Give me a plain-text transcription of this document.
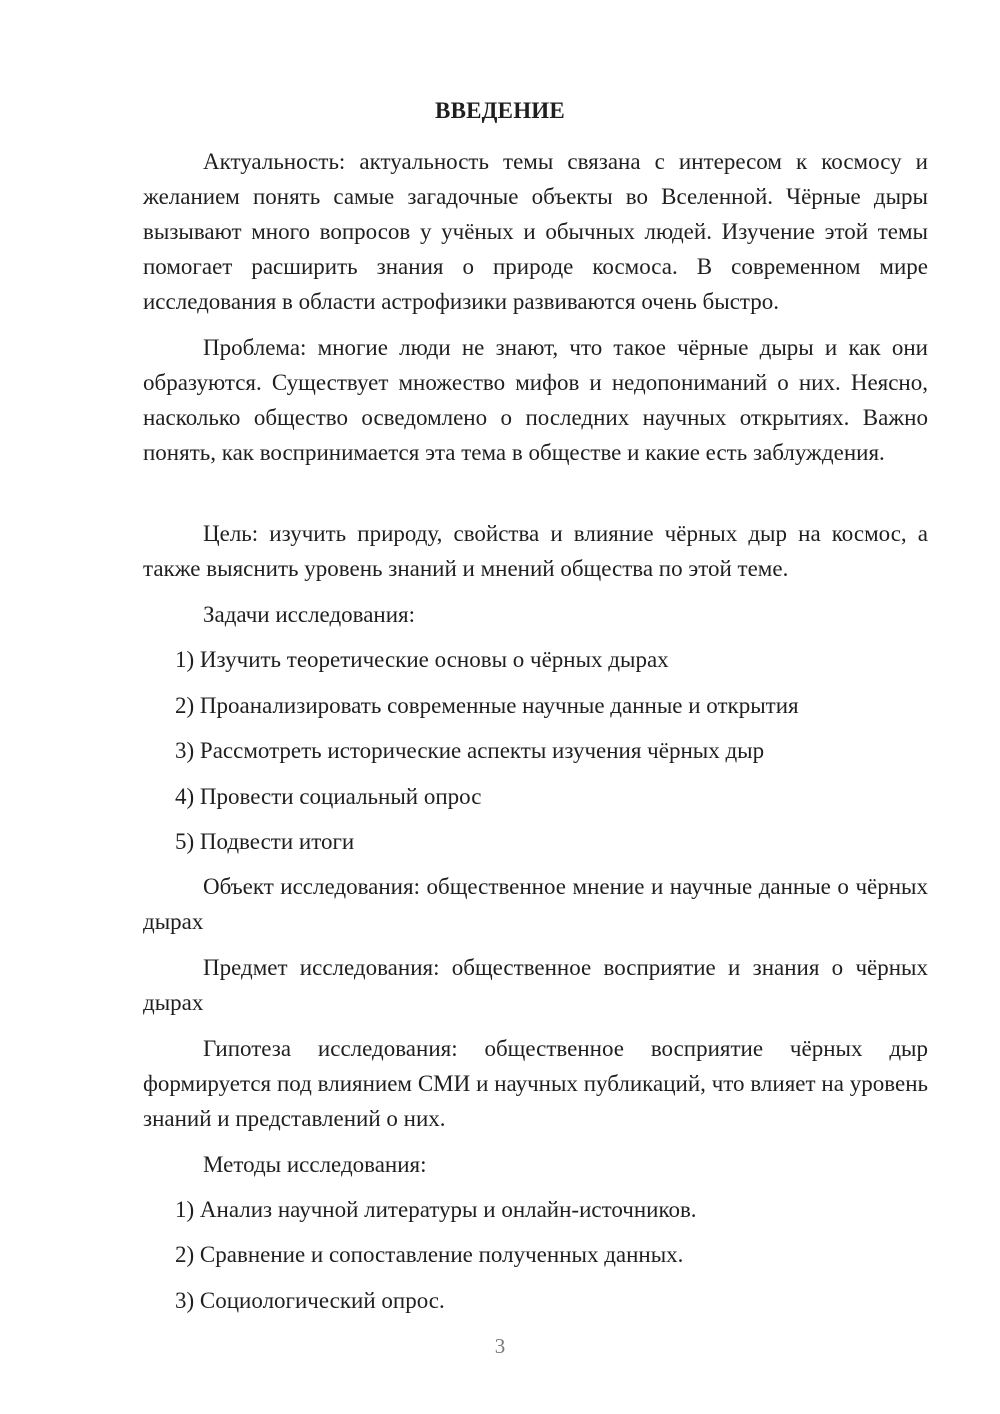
ВВЕДЕНИЕ

Актуальность: актуальность темы связана с интересом к космосу и желанием понять самые загадочные объекты во Вселенной. Чёрные дыры вызывают много вопросов у учёных и обычных людей. Изучение этой темы помогает расширить знания о природе космоса. В современном мире исследования в области астрофизики развиваются очень быстро.

Проблема: многие люди не знают, что такое чёрные дыры и как они образуются. Существует множество мифов и недопониманий о них. Неясно, насколько общество осведомлено о последних научных открытиях. Важно понять, как воспринимается эта тема в обществе и какие есть заблуждения.

Цель: изучить природу, свойства и влияние чёрных дыр на космос, а также выяснить уровень знаний и мнений общества по этой теме.

Задачи исследования:

1) Изучить теоретические основы о чёрных дырах

2) Проанализировать современные научные данные и открытия

3) Рассмотреть исторические аспекты изучения чёрных дыр

4) Провести социальный опрос

5) Подвести итоги

Объект исследования: общественное мнение и научные данные о чёрных дырах

Предмет исследования: общественное восприятие и знания о чёрных дырах

Гипотеза исследования: общественное восприятие чёрных дыр формируется под влиянием СМИ и научных публикаций, что влияет на уровень знаний и представлений о них.

Методы исследования:

1) Анализ научной литературы и онлайн-источников.

2) Сравнение и сопоставление полученных данных.

3) Социологический опрос.

3
